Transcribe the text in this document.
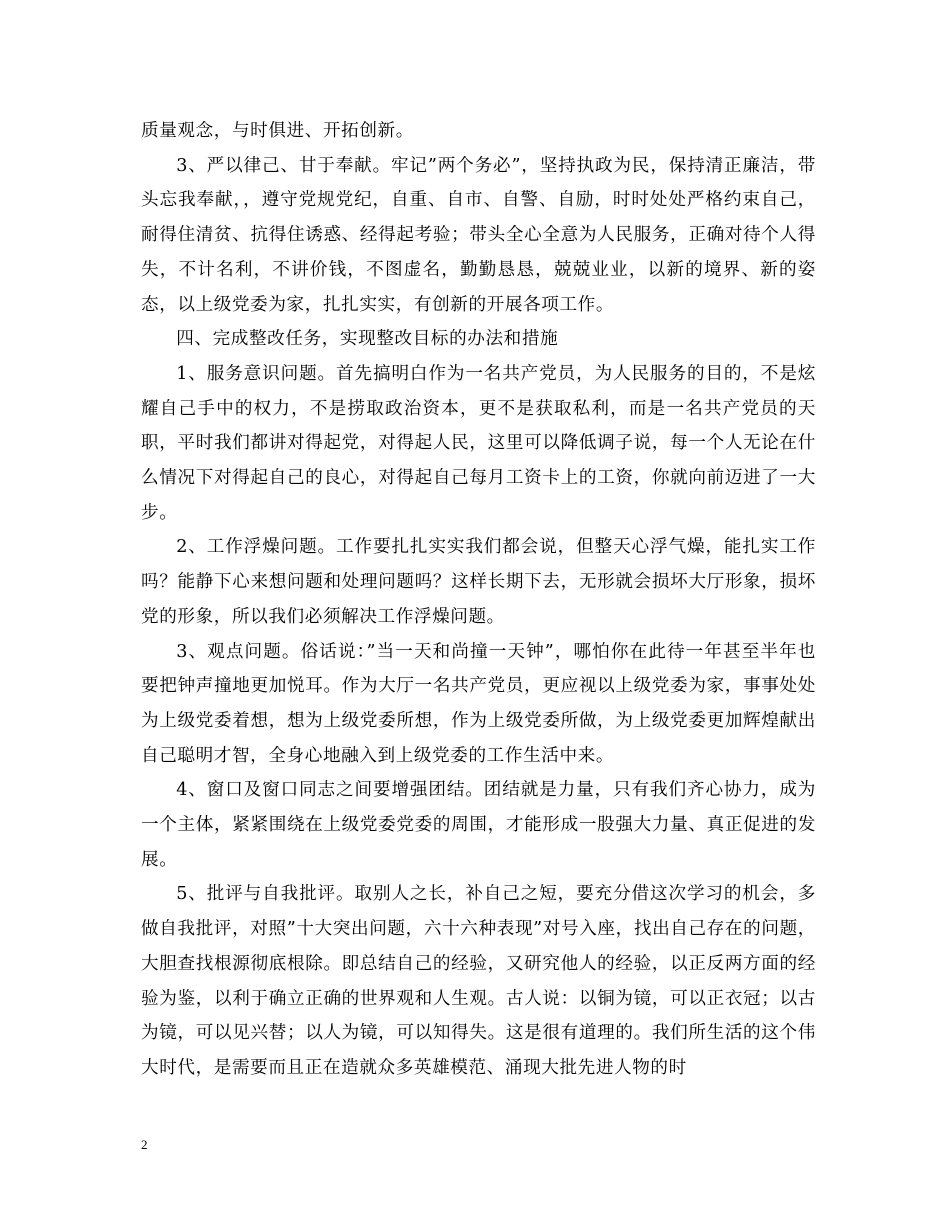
质量观念，与时俱进、开拓创新。

3、严以律己、甘于奉献。牢记”两个务必”，坚持执政为民，保持清正廉洁，带头忘我奉献，，遵守党规党纪，自重、自市、自警、自励，时时处处严格约束自己，耐得住清贫、抗得住诱惑、经得起考验；带头全心全意为人民服务，正确对待个人得失，不计名利，不讲价钱，不图虚名，勤勤恳恳，兢兢业业，以新的境界、新的姿态，以上级党委为家，扎扎实实，有创新的开展各项工作。

四、完成整改任务，实现整改目标的办法和措施

1、服务意识问题。首先搞明白作为一名共产党员，为人民服务的目的，不是炫耀自己手中的权力，不是捞取政治资本，更不是获取私利，而是一名共产党员的天职，平时我们都讲对得起党，对得起人民，这里可以降低调子说，每一个人无论在什么情况下对得起自己的良心，对得起自己每月工资卡上的工资，你就向前迈进了一大步。

2、工作浮燥问题。工作要扎扎实实我们都会说，但整天心浮气燥，能扎实工作吗？能静下心来想问题和处理问题吗？这样长期下去，无形就会损坏大厅形象，损坏党的形象，所以我们必须解决工作浮燥问题。

3、观点问题。俗话说：”当一天和尚撞一天钟”，哪怕你在此待一年甚至半年也要把钟声撞地更加悦耳。作为大厅一名共产党员，更应视以上级党委为家，事事处处为上级党委着想，想为上级党委所想，作为上级党委所做，为上级党委更加辉煌献出自己聪明才智，全身心地融入到上级党委的工作生活中来。

4、窗口及窗口同志之间要增强团结。团结就是力量，只有我们齐心协力，成为一个主体，紧紧围绕在上级党委党委的周围，才能形成一股强大力量、真正促进的发展。

5、批评与自我批评。取别人之长，补自己之短，要充分借这次学习的机会，多做自我批评，对照”十大突出问题，六十六种表现”对号入座，找出自己存在的问题，大胆查找根源彻底根除。即总结自己的经验，又研究他人的经验，以正反两方面的经验为鉴，以利于确立正确的世界观和人生观。古人说：以铜为镜，可以正衣冠；以古为镜，可以见兴替；以人为镜，可以知得失。这是很有道理的。我们所生活的这个伟大时代，是需要而且正在造就众多英雄模范、涌现大批先进人物的时

2
